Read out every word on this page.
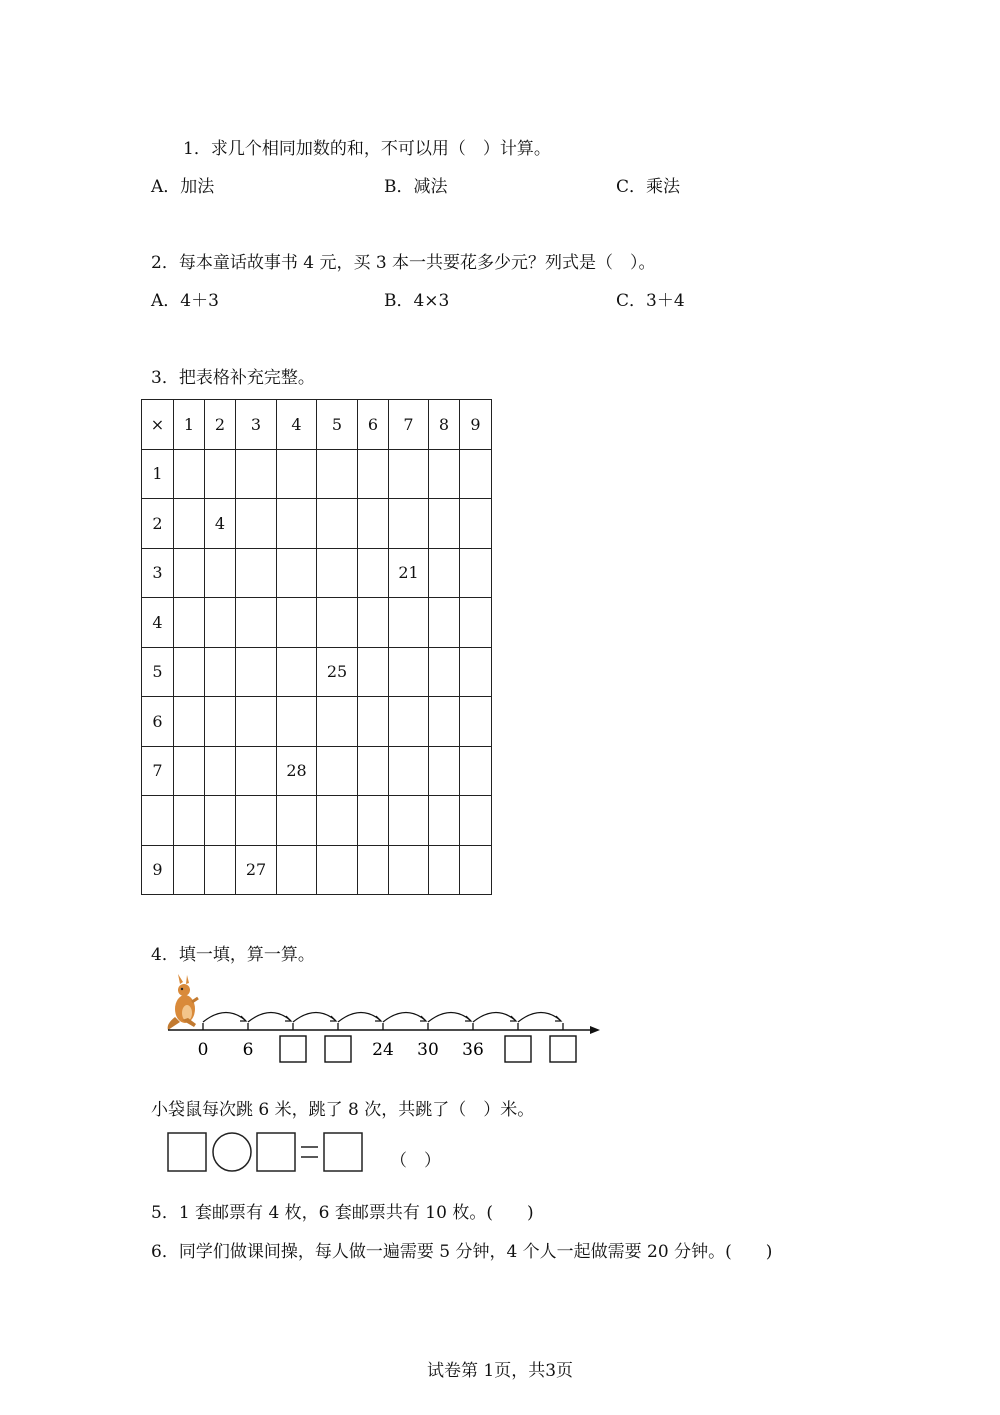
1．求几个相同加数的和，不可以用（　）计算。
A．加法	B．减法	C．乘法
2．每本童话故事书 4 元，买 3 本一共要花多少元？列式是（　）。
A．4＋3	B．4×3	C．3＋4
3．把表格补充完整。
×	1	2	3	4	5	6	7	8	9
1									
2		4							
3							21		
4									
5					25				
6									
7				28					

9			27						
4．填一填，算一算。
0 6	24 30 36
小袋鼠每次跳 6 米，跳了 8 次，共跳了（　）米。
（　）
5．1 套邮票有 4 枚，6 套邮票共有 10 枚。(　　)
6．同学们做课间操，每人做一遍需要 5 分钟，4 个人一起做需要 20 分钟。(　　)
试卷第 1页，共3页
